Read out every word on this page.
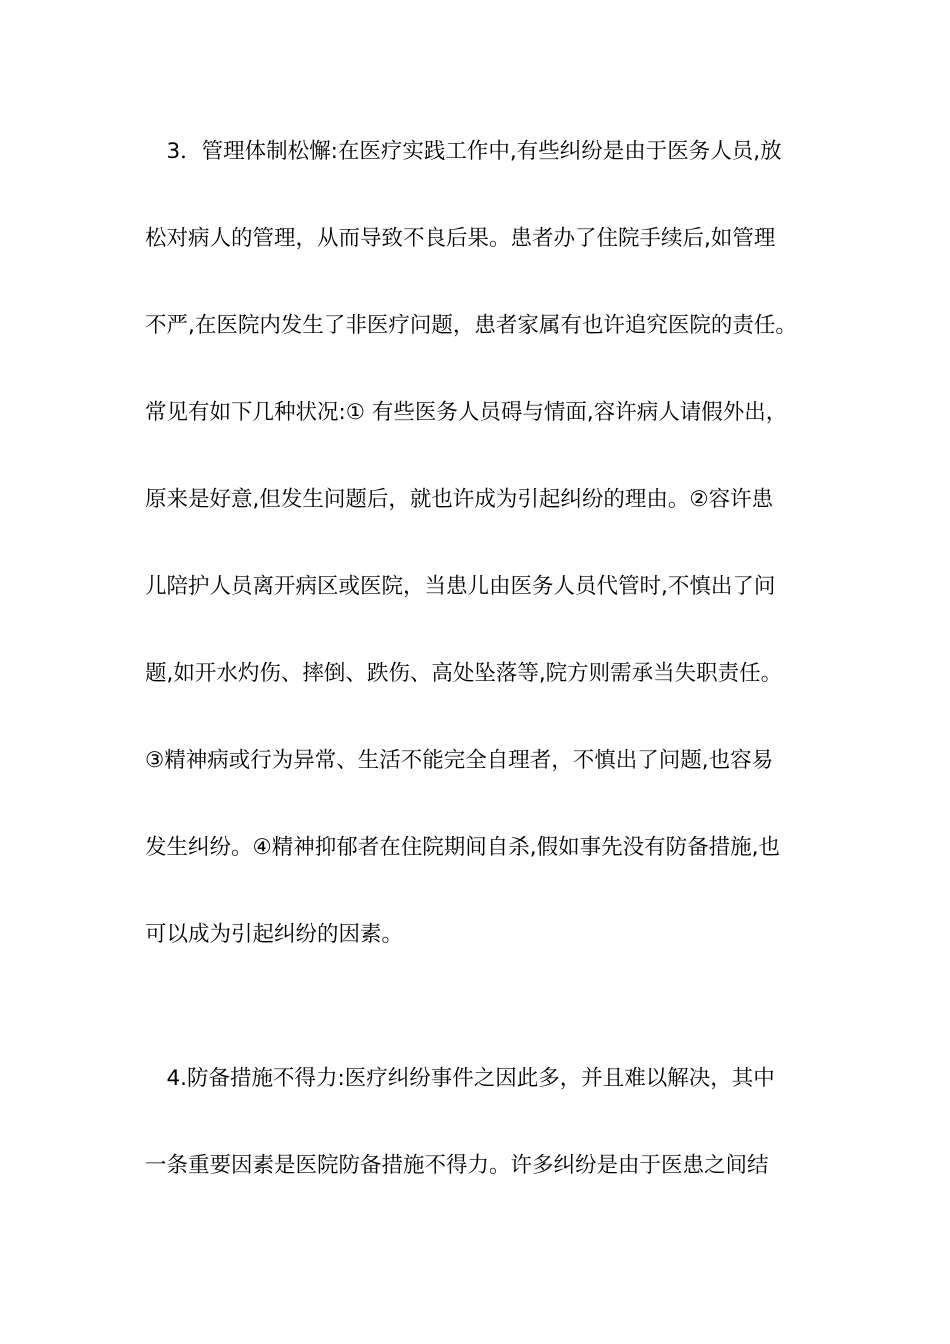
　3．管理体制松懈:在医疗实践工作中,有些纠纷是由于医务人员,放
松对病人的管理，从而导致不良后果。患者办了住院手续后,如管理
不严,在医院内发生了非医疗问题，患者家属有也许追究医院的责任。
常见有如下几种状况:① 有些医务人员碍与情面,容许病人请假外出，
原来是好意,但发生问题后，就也许成为引起纠纷的理由。②容许患
儿陪护人员离开病区或医院，当患儿由医务人员代管时,不慎出了问
题,如开水灼伤、摔倒、跌伤、高处坠落等,院方则需承当失职责任。
③精神病或行为异常、生活不能完全自理者，不慎出了问题,也容易
发生纠纷。④精神抑郁者在住院期间自杀,假如事先没有防备措施,也
可以成为引起纠纷的因素。
　4.防备措施不得力:医疗纠纷事件之因此多，并且难以解决，其中
一条重要因素是医院防备措施不得力。许多纠纷是由于医患之间结
